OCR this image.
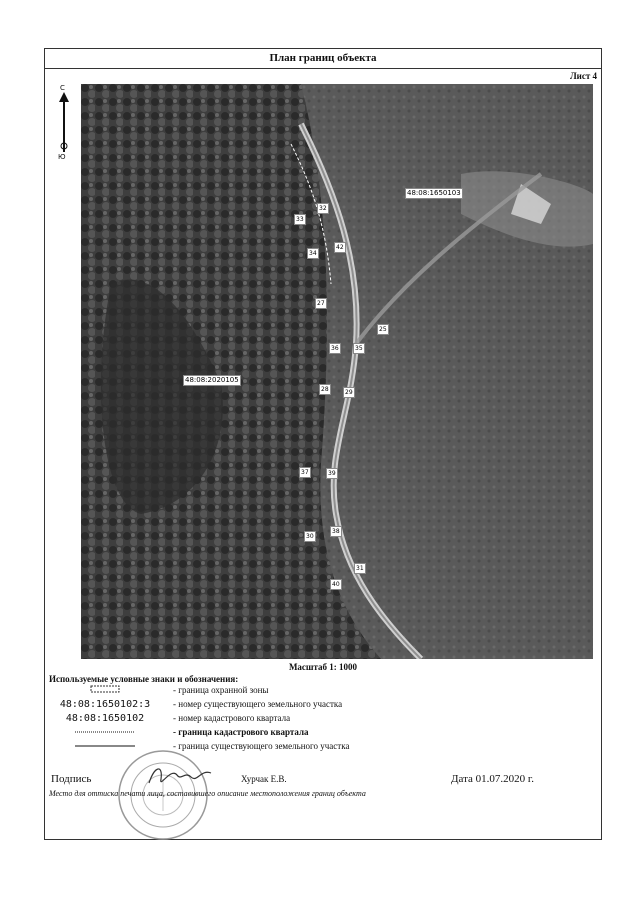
План границ объекта
Лист 4
С
Ю
48:08:1650103
48:08:2020105
32
33
42
34
35
36
28	29
37	39
30
38
31
40
25
27
Масштаб 1: 1000
Используемые условные знаки и обозначения:
- граница охранной зоны
48:08:1650102:3	- номер существующего земельного участка
48:08:1650102	- номер кадастрового квартала
- граница кадастрового квартала
- граница существующего земельного участка
Подпись	Хурчак Е.В.	Дата 01.07.2020 г.
Место для оттиска печати лица, составившего описание местоположения границ объекта
